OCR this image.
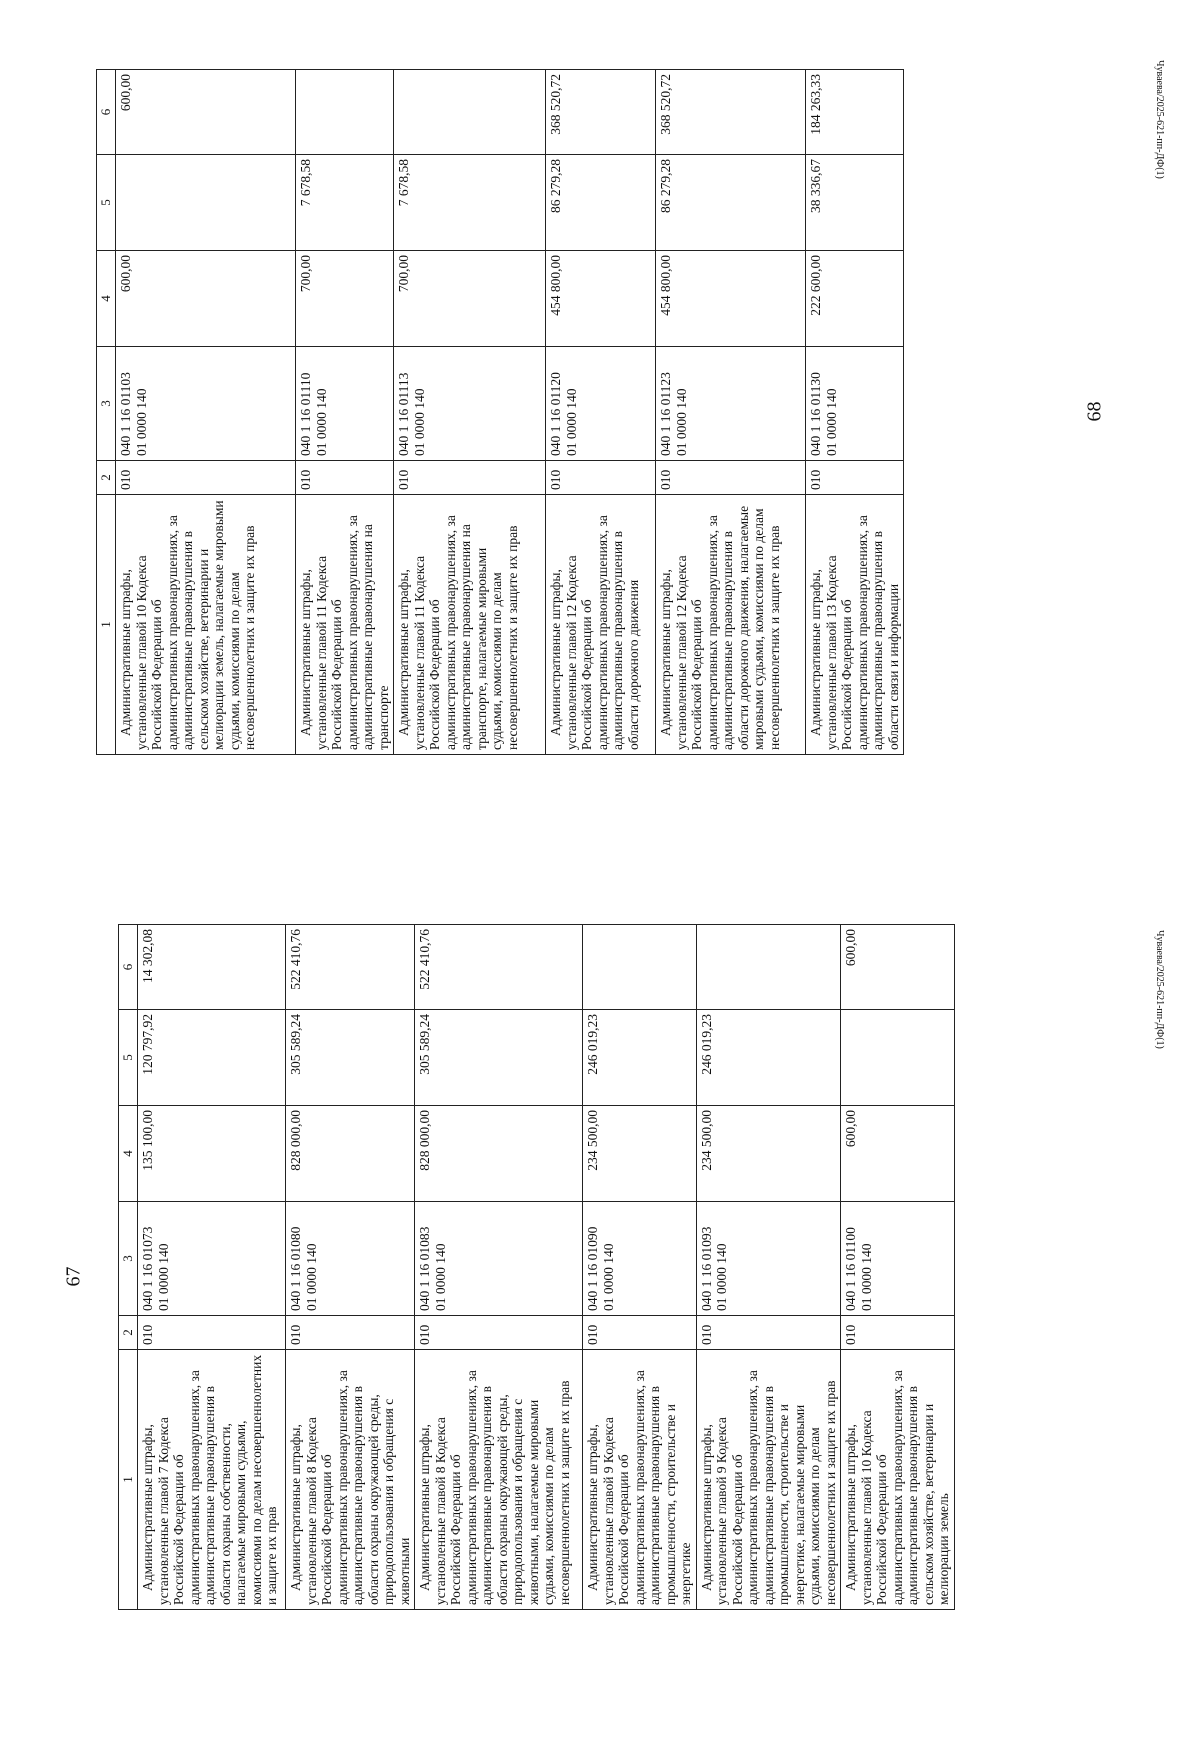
67
1	2	3	4	5	6
Административные штрафы, установленные главой 7 Кодекса Российской Федерации об административных правонарушениях, за административные правонарушения в области охраны собственности, налагаемые мировыми судьями, комиссиями по делам несовершеннолетних и защите их прав	010	040 1 16 01073
01 0000 140	135 100,00	120 797,92	14 302,08
Административные штрафы, установленные главой 8 Кодекса Российской Федерации об административных правонарушениях, за административные правонарушения в области охраны окружающей среды, природопользования и обращения с животными	010	040 1 16 01080
01 0000 140	828 000,00	305 589,24	522 410,76
Административные штрафы, установленные главой 8 Кодекса Российской Федерации об административных правонарушениях, за административные правонарушения в области охраны окружающей среды, природопользования и обращения с животными, налагаемые мировыми судьями, комиссиями по делам несовершеннолетних и защите их прав	010	040 1 16 01083
01 0000 140	828 000,00	305 589,24	522 410,76
Административные штрафы, установленные главой 9 Кодекса Российской Федерации об административных правонарушениях, за административные правонарушения в промышленности, строительстве и энергетике	010	040 1 16 01090
01 0000 140	234 500,00	246 019,23	
Административные штрафы, установленные главой 9 Кодекса Российской Федерации об административных правонарушениях, за административные правонарушения в промышленности, строительстве и энергетике, налагаемые мировыми судьями, комиссиями по делам несовершеннолетних и защите их прав	010	040 1 16 01093
01 0000 140	234 500,00	246 019,23	
Административные штрафы, установленные главой 10 Кодекса Российской Федерации об административных правонарушениях, за административные правонарушения в сельском хозяйстве, ветеринарии и мелиорации земель	010	040 1 16 01100
01 0000 140	600,00		600,00	Чуваева/2025-621-пп-ДФ(1)
68
1	2	3	4	5	6
Административные штрафы, установленные главой 10 Кодекса Российской Федерации об административных правонарушениях, за административные правонарушения в сельском хозяйстве, ветеринарии и мелиорации земель, налагаемые мировыми судьями, комиссиями по делам несовершеннолетних и защите их прав	010	040 1 16 01103
01 0000 140	600,00		600,00
Административные штрафы, установленные главой 11 Кодекса Российской Федерации об административных правонарушениях, за административные правонарушения на транспорте	010	040 1 16 01110
01 0000 140	700,00	7 678,58	
Административные штрафы, установленные главой 11 Кодекса Российской Федерации об административных правонарушениях, за административные правонарушения на транспорте, налагаемые мировыми судьями, комиссиями по делам несовершеннолетних и защите их прав	010	040 1 16 01113
01 0000 140	700,00	7 678,58	
Административные штрафы, установленные главой 12 Кодекса Российской Федерации об административных правонарушениях, за административные правонарушения в области дорожного движения	010	040 1 16 01120
01 0000 140	454 800,00	86 279,28	368 520,72
Административные штрафы, установленные главой 12 Кодекса Российской Федерации об административных правонарушениях, за административные правонарушения в области дорожного движения, налагаемые мировыми судьями, комиссиями по делам несовершеннолетних и защите их прав	010	040 1 16 01123
01 0000 140	454 800,00	86 279,28	368 520,72
Административные штрафы, установленные главой 13 Кодекса Российской Федерации об административных правонарушениях, за административные правонарушения в области связи и информации	010	040 1 16 01130
01 0000 140	222 600,00	38 336,67	184 263,33	Чуваева/2025-621-пп-ДФ(1)
